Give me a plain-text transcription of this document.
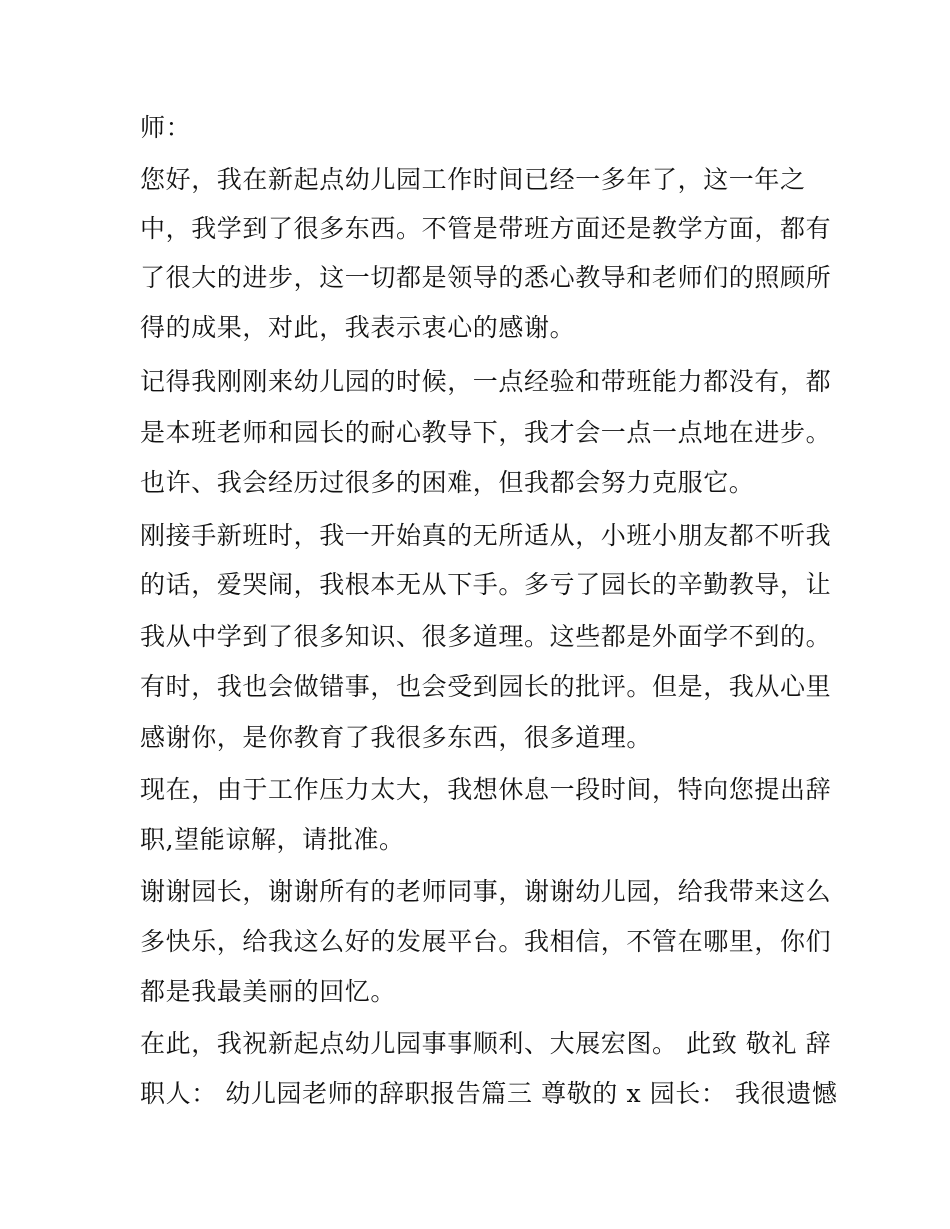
师：
您好，我在新起点幼儿园工作时间已经一多年了，这一年之
中，我学到了很多东西。不管是带班方面还是教学方面，都有
了很大的进步，这一切都是领导的悉心教导和老师们的照顾所
得的成果，对此，我表示衷心的感谢。
记得我刚刚来幼儿园的时候，一点经验和带班能力都没有，都
是本班老师和园长的耐心教导下，我才会一点一点地在进步。
也许、我会经历过很多的困难，但我都会努力克服它。
刚接手新班时，我一开始真的无所适从，小班小朋友都不听我
的话，爱哭闹，我根本无从下手。多亏了园长的辛勤教导，让
我从中学到了很多知识、很多道理。这些都是外面学不到的。
有时，我也会做错事，也会受到园长的批评。但是，我从心里
感谢你，是你教育了我很多东西，很多道理。
现在，由于工作压力太大，我想休息一段时间，特向您提出辞
职,望能谅解，请批准。
谢谢园长，谢谢所有的老师同事，谢谢幼儿园，给我带来这么
多快乐，给我这么好的发展平台。我相信，不管在哪里，你们
都是我最美丽的回忆。
在此，我祝新起点幼儿园事事顺利、大展宏图。 此致 敬礼 辞
职人： 幼儿园老师的辞职报告篇三 尊敬的 x 园长： 我很遗憾
